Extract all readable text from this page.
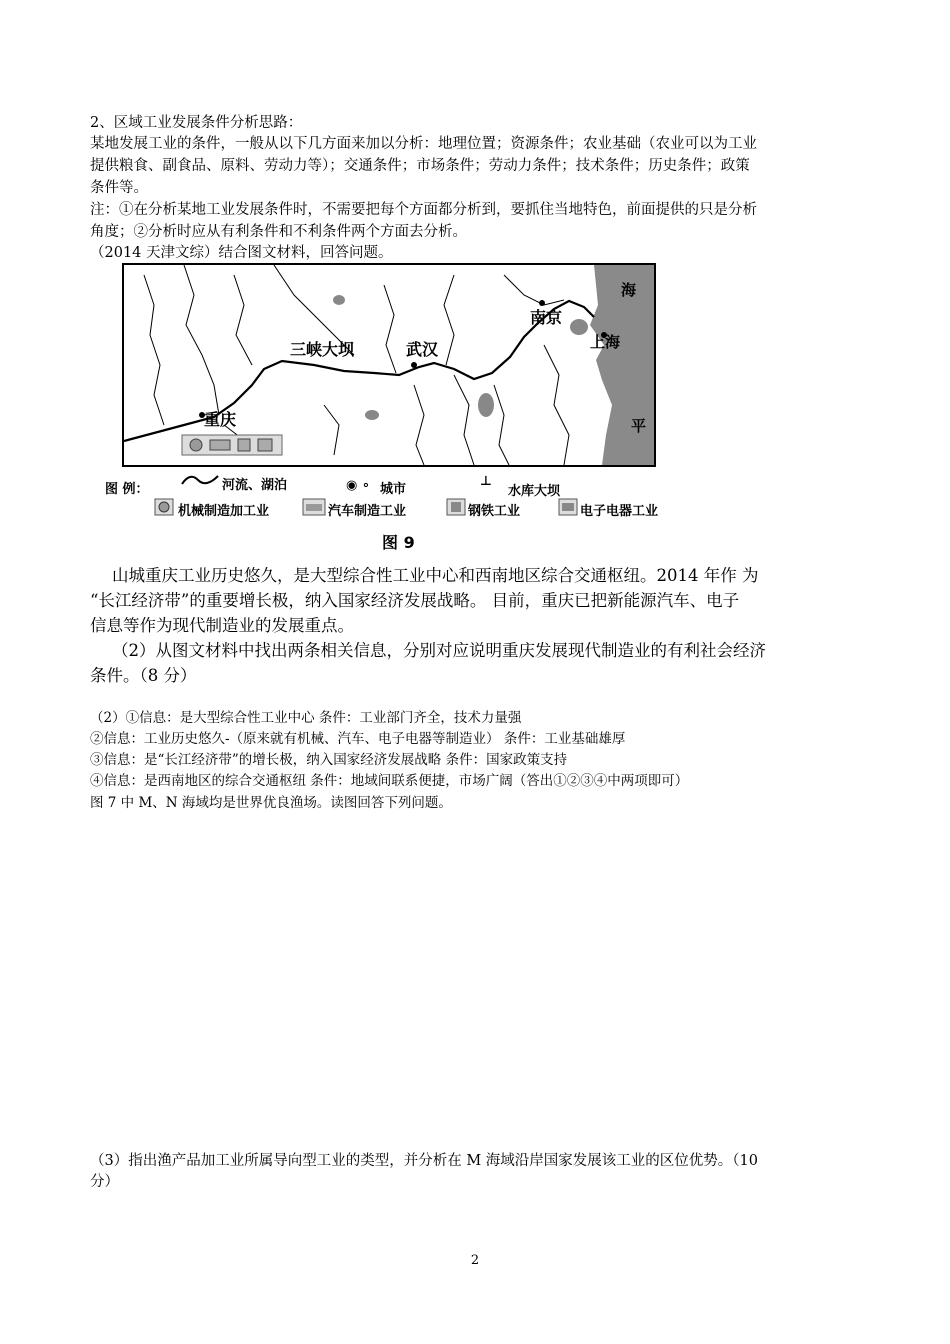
2、区域工业发展条件分析思路：
某地发展工业的条件，一般从以下几方面来加以分析：地理位置；资源条件；农业基础（农业可以为工业
提供粮食、副食品、原料、劳动力等）；交通条件；市场条件；劳动力条件；技术条件；历史条件；政策
条件等。
注：①在分析某地工业发展条件时，不需要把每个方面都分析到，要抓住当地特色，前面提供的只是分析
角度；②分析时应从有利条件和不利条件两个方面去分析。
（2014 天津文综）结合图文材料，回答问题。
海
平
南京
上海
三峡大坝	武汉
重庆
图 例：	河流、湖泊	◉ ∘ 城市
⊥
水库大坝
机械制造加工业	汽车制造工业	钢铁工业	电子电器工业
图 9
山城重庆工业历史悠久，是大型综合性工业中心和西南地区综合交通枢纽。2014 年作 为
“长江经济带”的重要增长极，纳入国家经济发展战略。 目前，重庆已把新能源汽车、电子
信息等作为现代制造业的发展重点。
（2）从图文材料中找出两条相关信息，分别对应说明重庆发展现代制造业的有利社会经济
条件。（8 分）
（2）①信息：是大型综合性工业中心 条件：工业部门齐全，技术力量强
②信息：工业历史悠久-（原来就有机械、汽车、电子电器等制造业） 条件：工业基础雄厚
③信息：是“长江经济带”的增长极，纳入国家经济发展战略 条件：国家政策支持
④信息：是西南地区的综合交通枢纽 条件：地域间联系便捷，市场广阔（答出①②③④中两项即可）
图 7 中 M、N 海域均是世界优良渔场。读图回答下列问题。
（3）指出渔产品加工业所属导向型工业的类型，并分析在 M 海域沿岸国家发展该工业的区位优势。（10
分）
2
